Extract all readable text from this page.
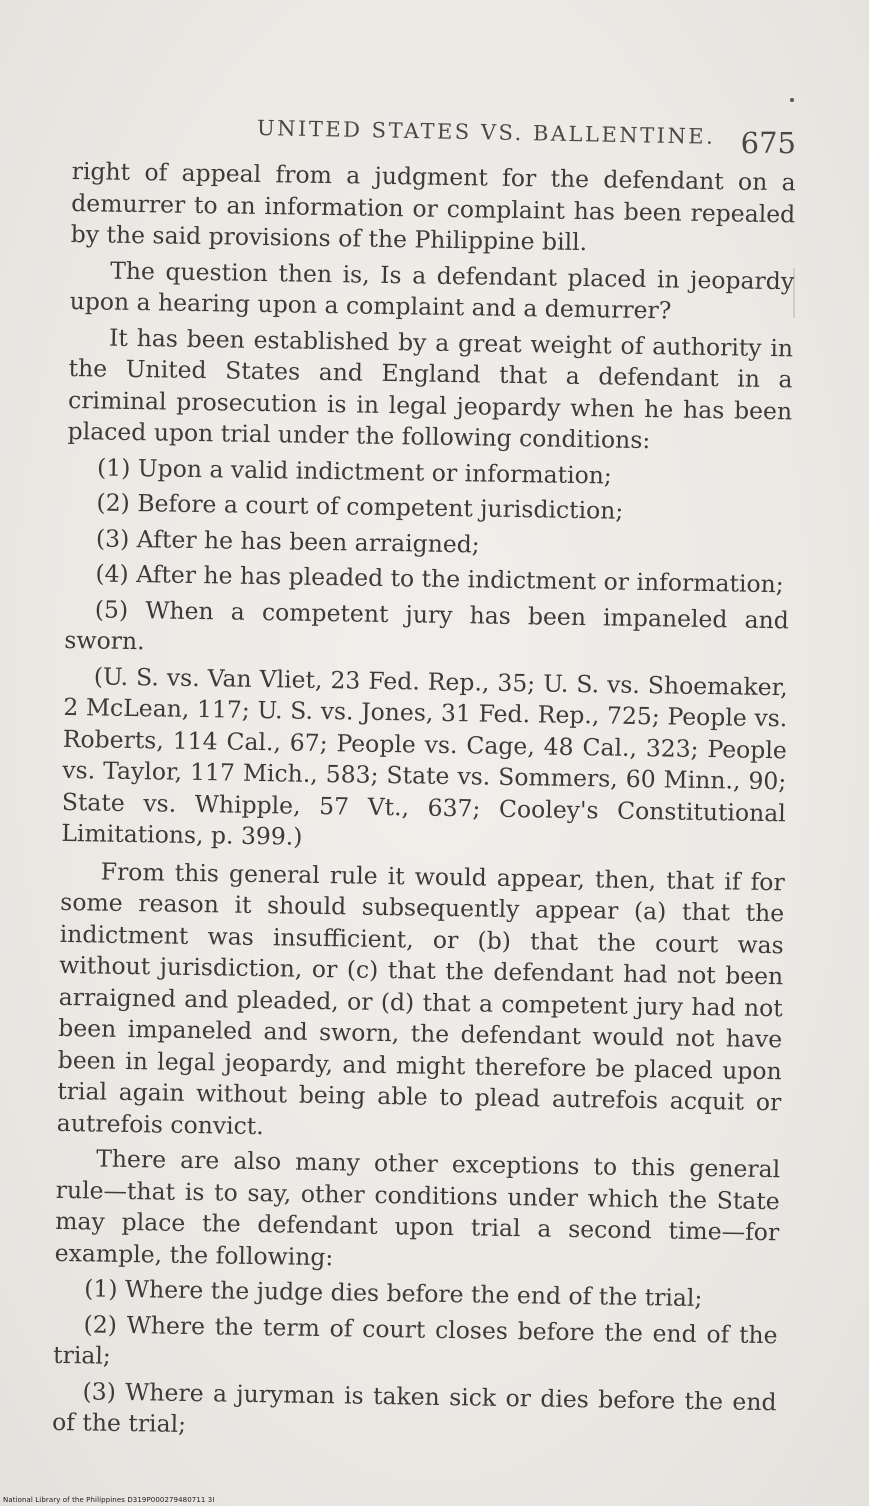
UNITED STATES VS. BALLENTINE. 675

right of appeal from a judgment for the defendant on a demurrer to an information or complaint has been repealed by the said provisions of the Philippine bill.

The question then is, Is a defendant placed in jeopardy upon a hearing upon a complaint and a demurrer?

It has been established by a great weight of authority in the United States and England that a defendant in a criminal prosecution is in legal jeopardy when he has been placed upon trial under the following conditions:

(1) Upon a valid indictment or information;

(2) Before a court of competent jurisdiction;

(3) After he has been arraigned;

(4) After he has pleaded to the indictment or information;

(5) When a competent jury has been impaneled and sworn.

(U. S. vs. Van Vliet, 23 Fed. Rep., 35; U. S. vs. Shoemaker, 2 McLean, 117; U. S. vs. Jones, 31 Fed. Rep., 725; People vs. Roberts, 114 Cal., 67; People vs. Cage, 48 Cal., 323; People vs. Taylor, 117 Mich., 583; State vs. Sommers, 60 Minn., 90; State vs. Whipple, 57 Vt., 637; Cooley's Constitutional Limitations, p. 399.)

From this general rule it would appear, then, that if for some reason it should subsequently appear (a) that the indictment was insufficient, or (b) that the court was without jurisdiction, or (c) that the defendant had not been arraigned and pleaded, or (d) that a competent jury had not been impaneled and sworn, the defendant would not have been in legal jeopardy, and might therefore be placed upon trial again without being able to plead autrefois acquit or autrefois convict.

There are also many other exceptions to this general rule—that is to say, other conditions under which the State may place the defendant upon trial a second time—for example, the following:

(1) Where the judge dies before the end of the trial;

(2) Where the term of court closes before the end of the trial;

(3) Where a juryman is taken sick or dies before the end of the trial;

National Library of the Philippines D319P000279480711 3I
